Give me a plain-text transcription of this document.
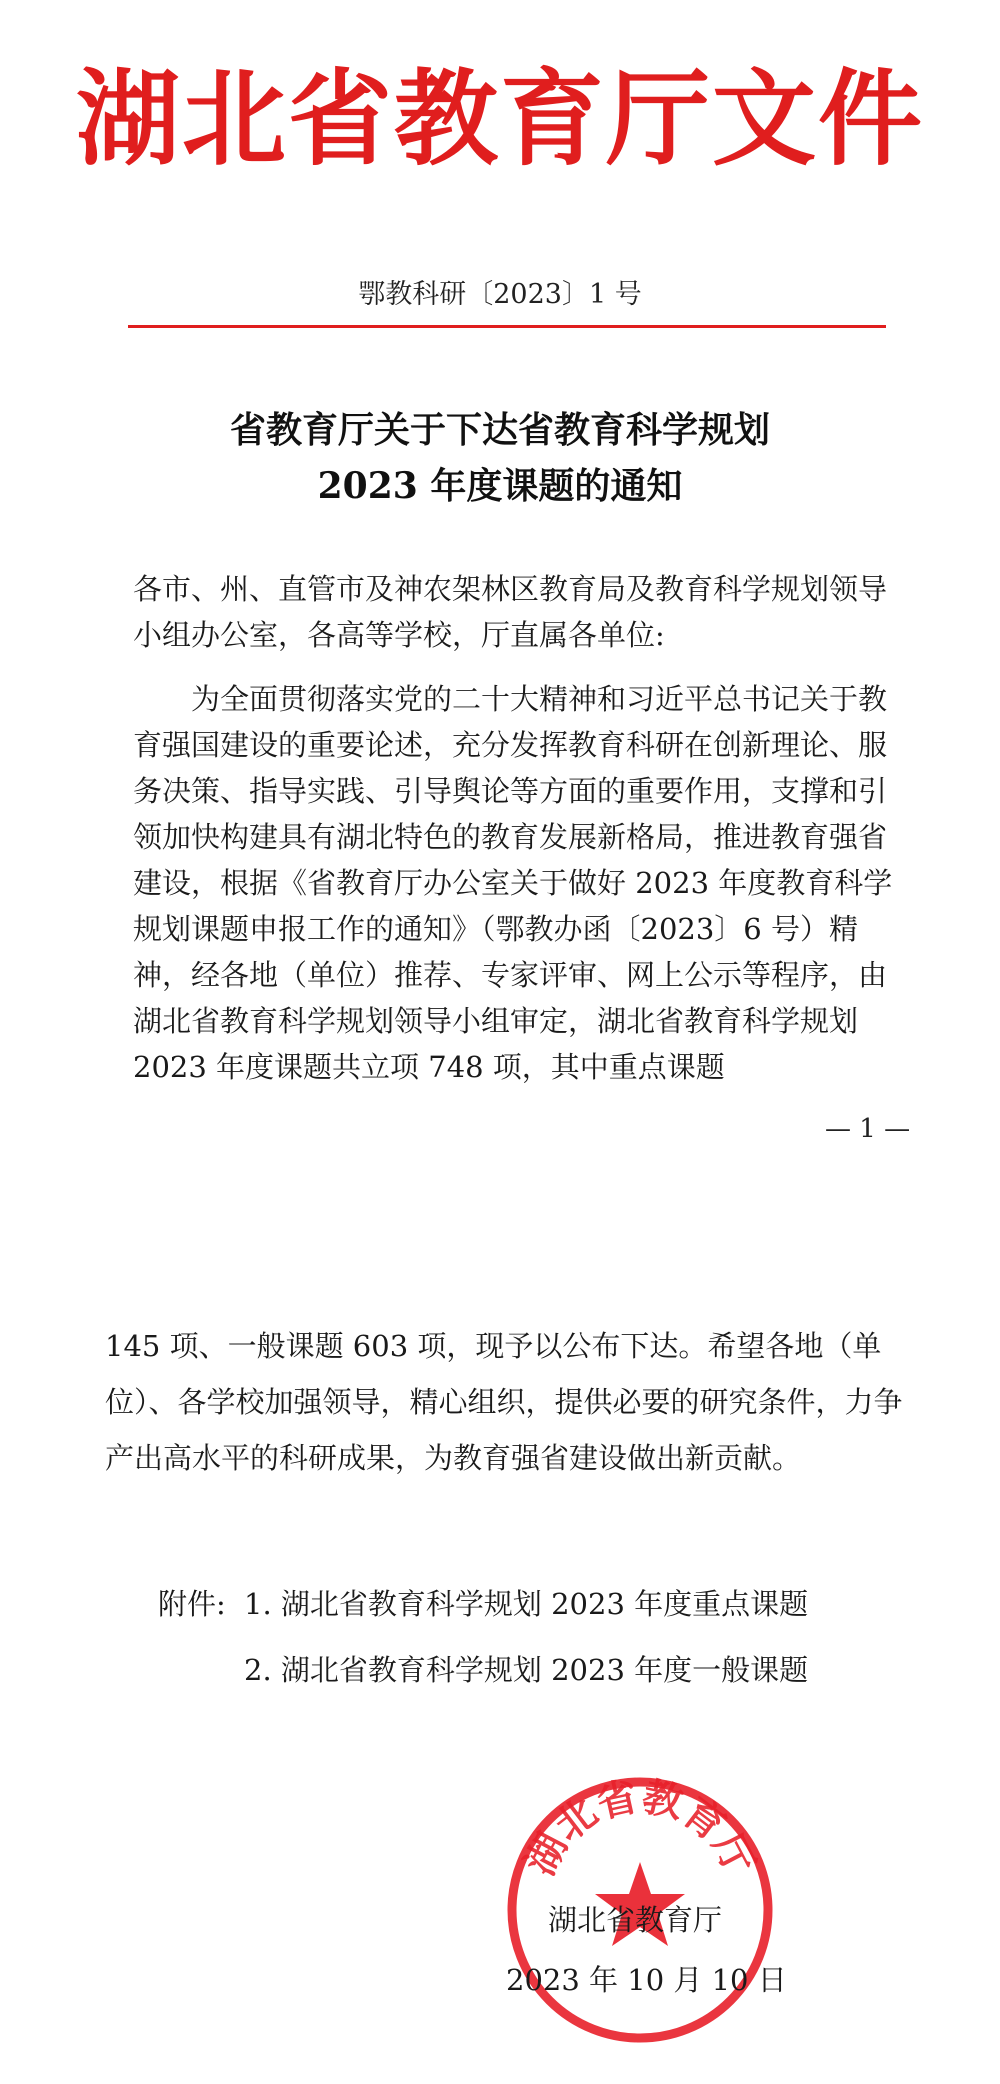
湖北省教育厅文件
鄂教科研〔2023〕1 号
省教育厅关于下达省教育科学规划
2023 年度课题的通知

各市、州、直管市及神农架林区教育局及教育科学规划领导小组办公室，各高等学校，厅直属各单位:

为全面贯彻落实党的二十大精神和习近平总书记关于教育强国建设的重要论述，充分发挥教育科研在创新理论、服务决策、指导实践、引导舆论等方面的重要作用，支撑和引领加快构建具有湖北特色的教育发展新格局，推进教育强省建设，根据《省教育厅办公室关于做好 2023 年度教育科学规划课题申报工作的通知》（鄂教办函〔2023〕6 号）精神，经各地（单位）推荐、专家评审、网上公示等程序，由湖北省教育科学规划领导小组审定，湖北省教育科学规划 2023 年度课题共立项 748 项，其中重点课题

— 1 —

145 项、一般课题 603 项，现予以公布下达。希望各地（单位）、各学校加强领导，精心组织，提供必要的研究条件，力争产出高水平的科研成果，为教育强省建设做出新贡献。

附件: 1. 湖北省教育科学规划 2023 年度重点课题
2. 湖北省教育科学规划 2023 年度一般课题
湖北省教育厅
湖北省教育厅
2023 年 10 月 10 日
